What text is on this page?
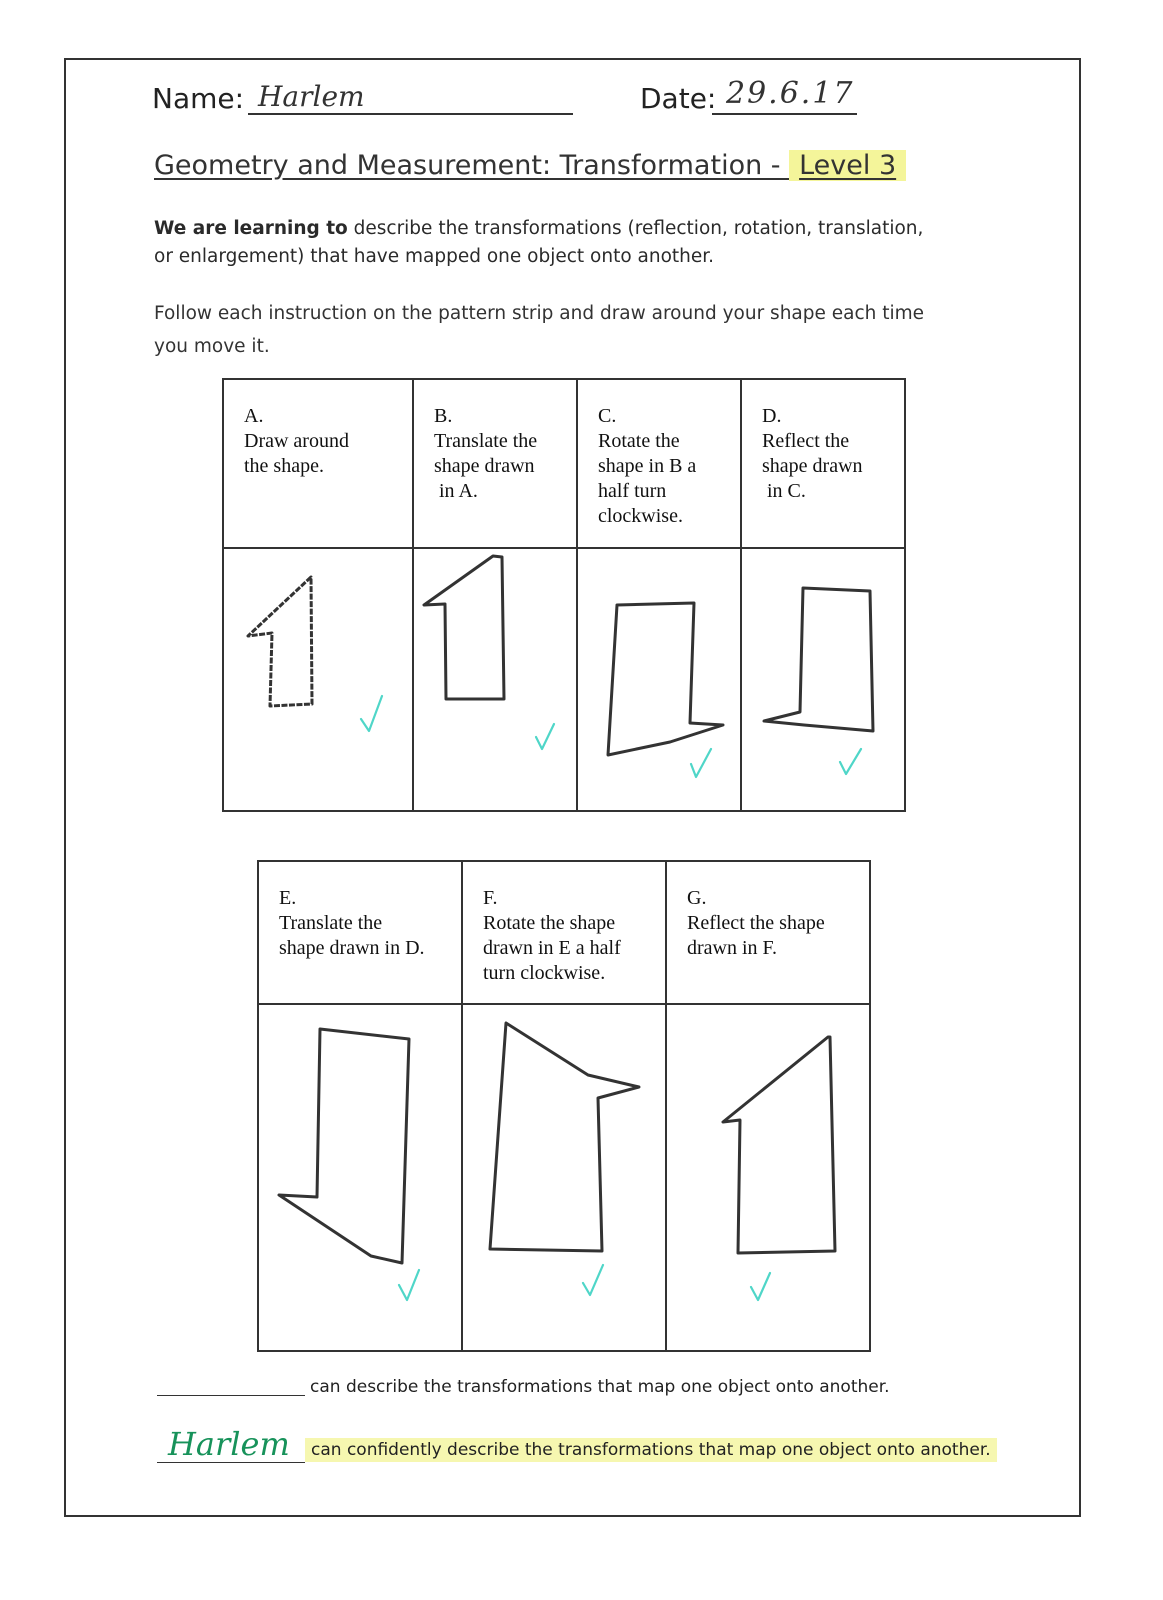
Name: Harlem	Date: 29.6.17
Geometry and Measurement: Transformation - Level 3
We are learning to describe the transformations (reflection, rotation, translation, or enlargement) that have mapped one object onto another.
Follow each instruction on the pattern strip and draw around your shape each time you move it.
A.
Draw around
the shape.	B.
Translate the
shape drawn
in A.	C.
Rotate the
shape in B a
half turn
clockwise.	D.
Reflect the
shape drawn
in C.

E.
Translate the
shape drawn in D.	F.
Rotate the shape
drawn in E a half
turn clockwise.	G.
Reflect the shape
drawn in F.

can describe the transformations that map one object onto another.
Harlem	can confidently describe the transformations that map one object onto another.
